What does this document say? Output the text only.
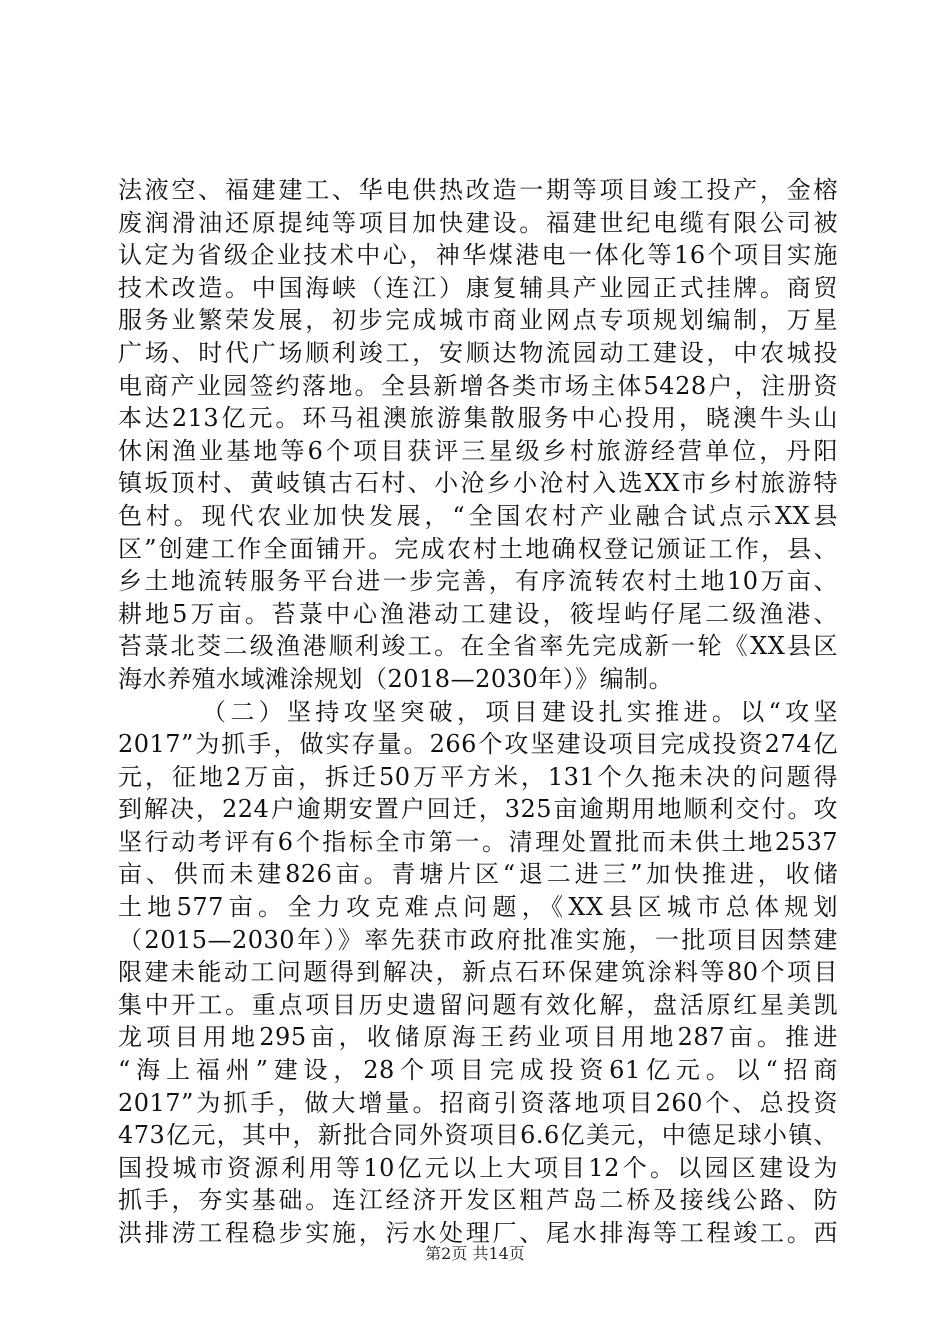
法液空、福建建工、华电供热改造一期等项目竣工投产，金榕
废润滑油还原提纯等项目加快建设。福建世纪电缆有限公司被
认定为省级企业技术中心，神华煤港电一体化等16个项目实施
技术改造。中国海峡（连江）康复辅具产业园正式挂牌。商贸
服务业繁荣发展，初步完成城市商业网点专项规划编制，万星
广场、时代广场顺利竣工，安顺达物流园动工建设，中农城投
电商产业园签约落地。全县新增各类市场主体5428户，注册资
本达213亿元。环马祖澳旅游集散服务中心投用，晓澳牛头山
休闲渔业基地等6个项目获评三星级乡村旅游经营单位，丹阳
镇坂顶村、黄岐镇古石村、小沧乡小沧村入选XX市乡村旅游特
色村。现代农业加快发展，“全国农村产业融合试点示XX县
区”创建工作全面铺开。完成农村土地确权登记颁证工作，县、
乡土地流转服务平台进一步完善，有序流转农村土地10万亩、
耕地5万亩。苔菉中心渔港动工建设，筱埕屿仔尾二级渔港、
苔菉北茭二级渔港顺利竣工。在全省率先完成新一轮《XX县区
海水养殖水域滩涂规划（2018—2030年）》编制。
（二）坚持攻坚突破，项目建设扎实推进。以“攻坚
2017”为抓手，做实存量。266个攻坚建设项目完成投资274亿
元，征地2万亩，拆迁50万平方米，131个久拖未决的问题得
到解决，224户逾期安置户回迁，325亩逾期用地顺利交付。攻
坚行动考评有6个指标全市第一。清理处置批而未供土地2537
亩、供而未建826亩。青塘片区“退二进三”加快推进，收储
土地577亩。全力攻克难点问题，《XX县区城市总体规划
（2015—2030年）》率先获市政府批准实施，一批项目因禁建
限建未能动工问题得到解决，新点石环保建筑涂料等80个项目
集中开工。重点项目历史遗留问题有效化解，盘活原红星美凯
龙项目用地295亩，收储原海王药业项目用地287亩。推进
“海上福州”建设，28个项目完成投资61亿元。以“招商
2017”为抓手，做大增量。招商引资落地项目260个、总投资
473亿元，其中，新批合同外资项目6.6亿美元，中德足球小镇、
国投城市资源利用等10亿元以上大项目12个。以园区建设为
抓手，夯实基础。连江经济开发区粗芦岛二桥及接线公路、防
洪排涝工程稳步实施，污水处理厂、尾水排海等工程竣工。西
第2页 共14页
